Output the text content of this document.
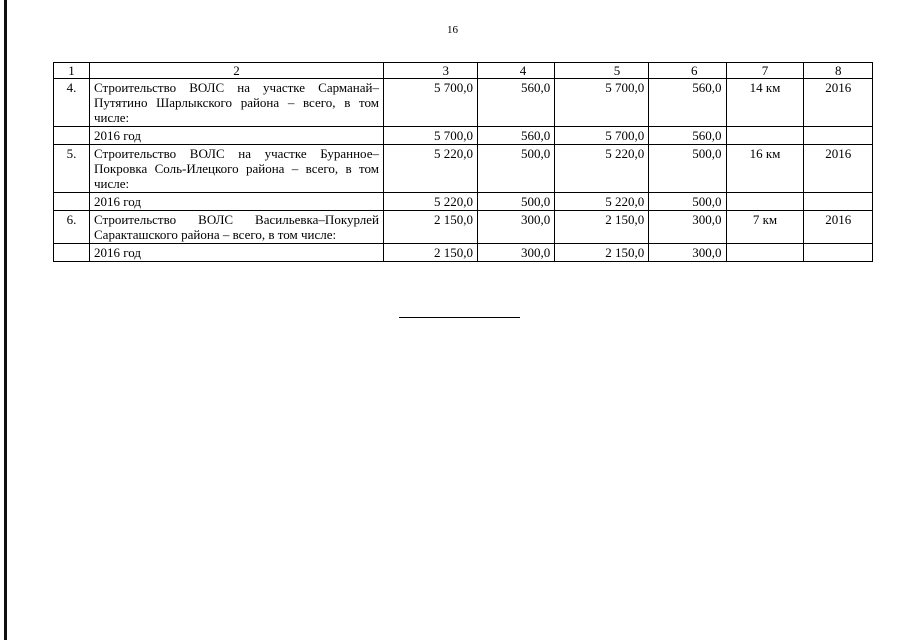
16
1	2	3	4	5	6	7	8
4.	Строительство ВОЛС на участке Сарманай–Путятино Шарлыкского района – всего, в том числе:	5 700,0	560,0	5 700,0	560,0	14 км	2016
	2016 год	5 700,0	560,0	5 700,0	560,0		
5.	Строительство ВОЛС на участке Буранное–Покровка Соль-Илецкого района – всего, в том числе:	5 220,0	500,0	5 220,0	500,0	16 км	2016
	2016 год	5 220,0	500,0	5 220,0	500,0		
6.	Строительство ВОЛС Васильевка–Покурлей Саракташского района – всего, в том числе:	2 150,0	300,0	2 150,0	300,0	7 км	2016
	2016 год	2 150,0	300,0	2 150,0	300,0		
